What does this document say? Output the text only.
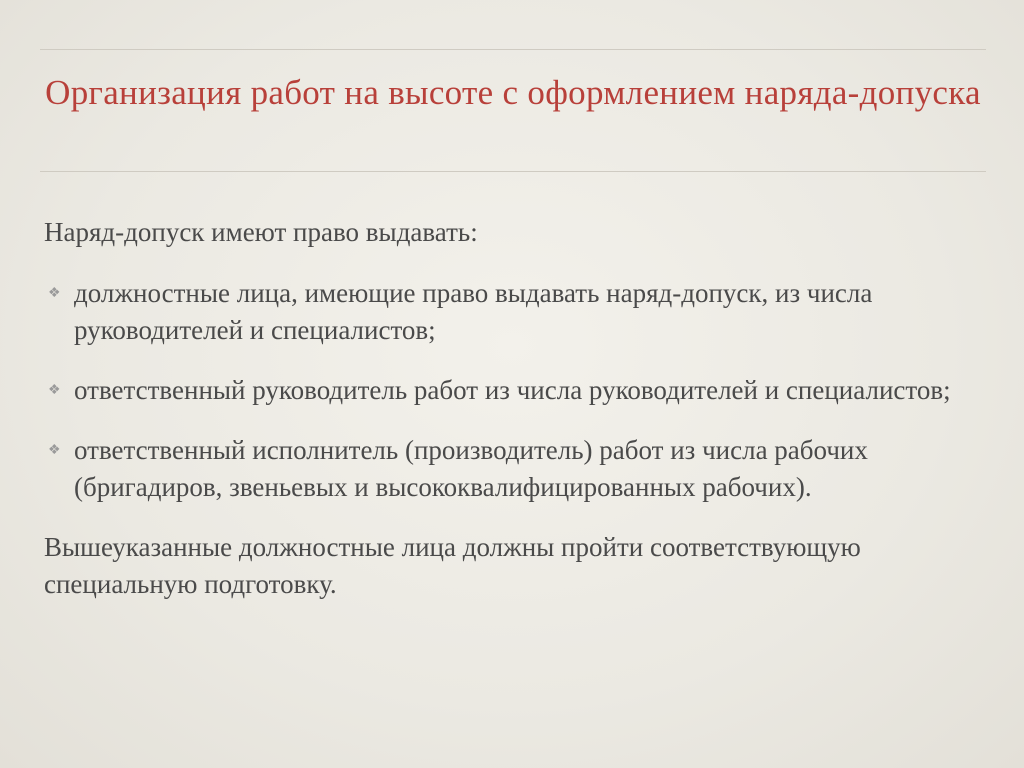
Организация работ на высоте с оформлением наряда-допуска

Наряд-допуск имеют право выдавать:

❖ должностные лица, имеющие право выдавать наряд-допуск, из числа руководителей и специалистов;
❖ ответственный руководитель работ из числа руководителей и специалистов;
❖ ответственный исполнитель (производитель) работ из числа рабочих (бригадиров, звеньевых и высококвалифицированных рабочих).

Вышеуказанные должностные лица должны пройти соответствующую специальную подготовку.
